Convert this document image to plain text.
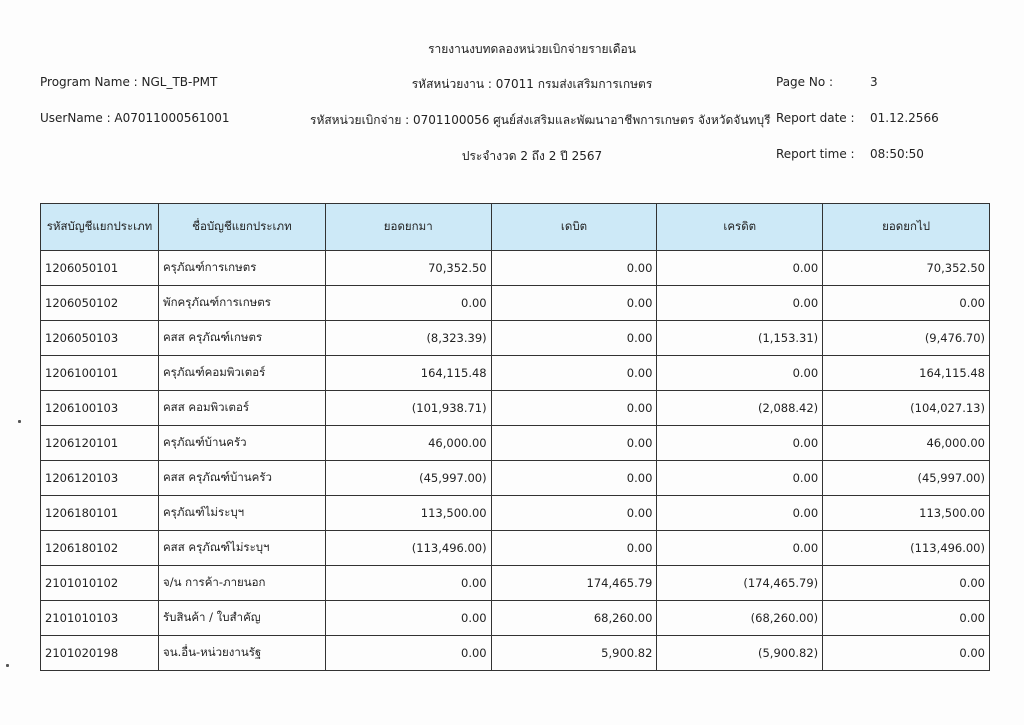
รายงานงบทดลองหน่วยเบิกจ่ายรายเดือน
Program Name : NGL_TB-PMT	รหัสหน่วยงาน : 07011 กรมส่งเสริมการเกษตร	Page No :	3
UserName : A07011000561001	รหัสหน่วยเบิกจ่าย : 0701100056 ศูนย์ส่งเสริมและพัฒนาอาชีพการเกษตร จังหวัดจันทบุรี Report date : 01.12.2566
ประจำงวด 2 ถึง 2 ปี 2567	Report time : 08:50:50
รหัสบัญชีแยกประเภท	ชื่อบัญชีแยกประเภท	ยอดยกมา	เดบิต	เครดิต	ยอดยกไป
1206050101	ครุภัณฑ์การเกษตร	70,352.50	0.00	0.00	70,352.50
1206050102	พักครุภัณฑ์การเกษตร	0.00	0.00	0.00	0.00
1206050103	คสส ครุภัณฑ์เกษตร	(8,323.39)	0.00	(1,153.31)	(9,476.70)
1206100101	ครุภัณฑ์คอมพิวเตอร์	164,115.48	0.00	0.00	164,115.48
1206100103	คสส คอมพิวเตอร์	(101,938.71)	0.00	(2,088.42)	(104,027.13)
1206120101	ครุภัณฑ์บ้านครัว	46,000.00	0.00	0.00	46,000.00
1206120103	คสส ครุภัณฑ์บ้านครัว	(45,997.00)	0.00	0.00	(45,997.00)
1206180101	ครุภัณฑ์ไม่ระบุฯ	113,500.00	0.00	0.00	113,500.00
1206180102	คสส ครุภัณฑ์ไม่ระบุฯ	(113,496.00)	0.00	0.00	(113,496.00)
2101010102	จ/น การค้า-ภายนอก	0.00	174,465.79	(174,465.79)	0.00
2101010103	รับสินค้า / ใบสำคัญ	0.00	68,260.00	(68,260.00)	0.00
2101020198	จน.อื่น-หน่วยงานรัฐ	0.00	5,900.82	(5,900.82)	0.00
